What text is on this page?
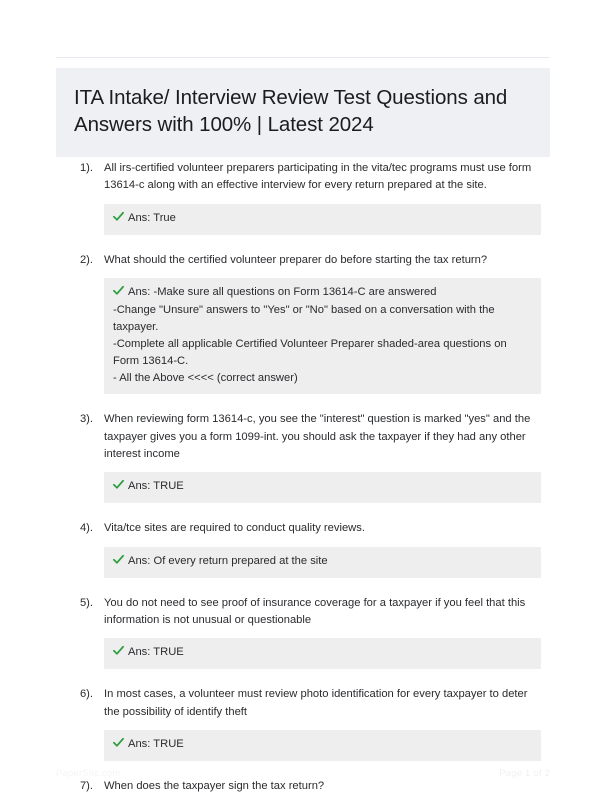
ITA Intake/ Interview Review Test Questions and Answers with 100% | Latest 2024
1). All irs-certified volunteer preparers participating in the vita/tec programs must use form 13614-c along with an effective interview for every return prepared at the site.

Ans: True
2). What should the certified volunteer preparer do before starting the tax return?

Ans: -Make sure all questions on Form 13614-C are answered
-Change "Unsure" answers to "Yes" or "No" based on a conversation with the taxpayer.
-Complete all applicable Certified Volunteer Preparer shaded-area questions on Form 13614-C.
- All the Above <<<< (correct answer)
3). When reviewing form 13614-c, you see the "interest" question is marked "yes" and the taxpayer gives you a form 1099-int. you should ask the taxpayer if they had any other interest income

Ans: TRUE
4). Vita/tce sites are required to conduct quality reviews.

Ans: Of every return prepared at the site
5). You do not need to see proof of insurance coverage for a taxpayer if you feel that this information is not unusual or questionable

Ans: TRUE
6). In most cases, a volunteer must review photo identification for every taxpayer to deter the possibility of identify theft

Ans: TRUE
7). When does the taxpayer sign the tax return?

PaperStic.com	Page 1 of 2
